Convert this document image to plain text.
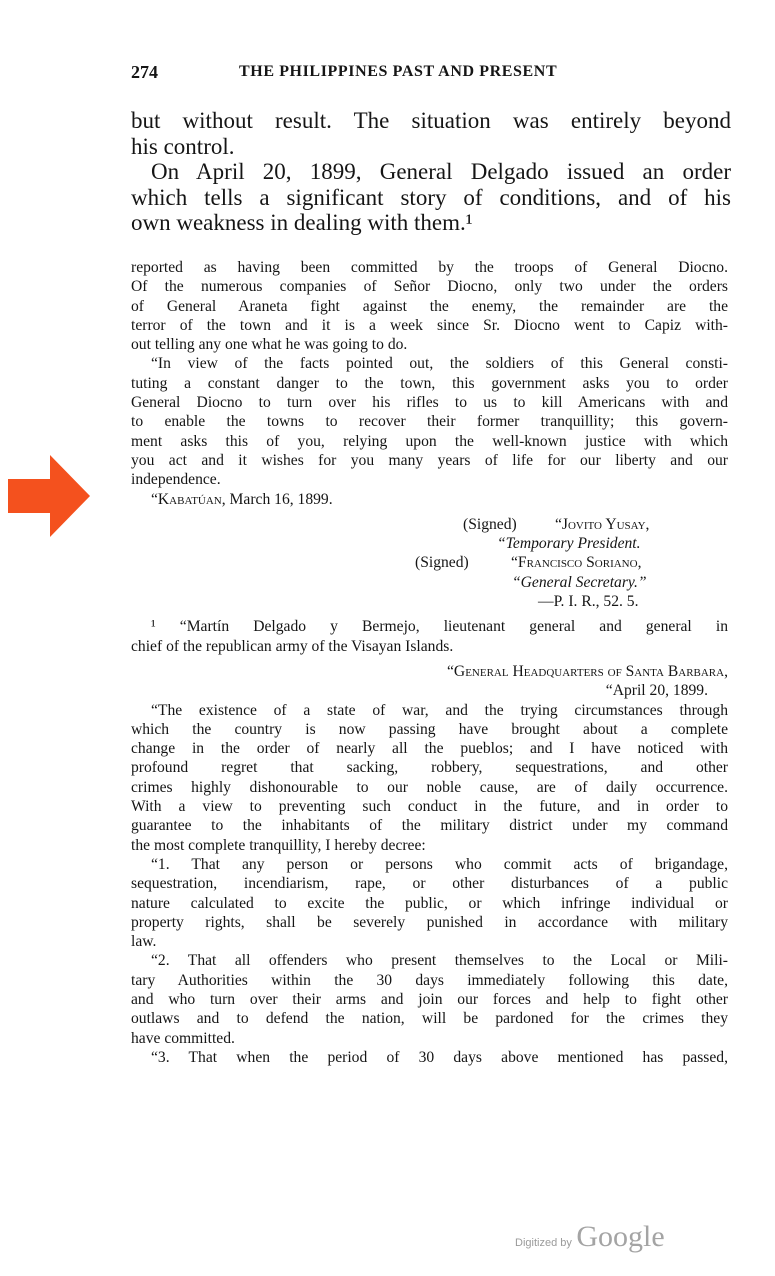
274	THE PHILIPPINES PAST AND PRESENT
but without result. The situation was entirely beyond
his control.
On April 20, 1899, General Delgado issued an order
which tells a significant story of conditions, and of his
own weakness in dealing with them.¹
reported as having been committed by the troops of General Diocno.
Of the numerous companies of Señor Diocno, only two under the orders
of General Araneta fight against the enemy, the remainder are the
terror of the town and it is a week since Sr. Diocno went to Capiz with-
out telling any one what he was going to do.
“In view of the facts pointed out, the soldiers of this General consti-
tuting a constant danger to the town, this government asks you to order
General Diocno to turn over his rifles to us to kill Americans with and
to enable the towns to recover their former tranquillity; this govern-
ment asks this of you, relying upon the well-known justice with which
you act and it wishes for you many years of life for our liberty and our
independence.
“Kabatúan, March 16, 1899.
(Signed) “Jovito Yusay,
“Temporary President.
(Signed)	“Francisco Soriano,
“General Secretary.”
—P. I. R., 52. 5.
¹ “Martín Delgado y Bermejo, lieutenant general and general in
chief of the republican army of the Visayan Islands.
“General Headquarters of Santa Barbara,
“April 20, 1899.
“The existence of a state of war, and the trying circumstances through
which the country is now passing have brought about a complete
change in the order of nearly all the pueblos; and I have noticed with
profound regret that sacking, robbery, sequestrations, and other
crimes highly dishonourable to our noble cause, are of daily occurrence.
With a view to preventing such conduct in the future, and in order to
guarantee to the inhabitants of the military district under my command
the most complete tranquillity, I hereby decree:
“1. That any person or persons who commit acts of brigandage,
sequestration, incendiarism, rape, or other disturbances of a public
nature calculated to excite the public, or which infringe individual or
property rights, shall be severely punished in accordance with military
law.
“2. That all offenders who present themselves to the Local or Mili-
tary Authorities within the 30 days immediately following this date,
and who turn over their arms and join our forces and help to fight other
outlaws and to defend the nation, will be pardoned for the crimes they
have committed.
“3. That when the period of 30 days above mentioned has passed,
Digitized by Google
